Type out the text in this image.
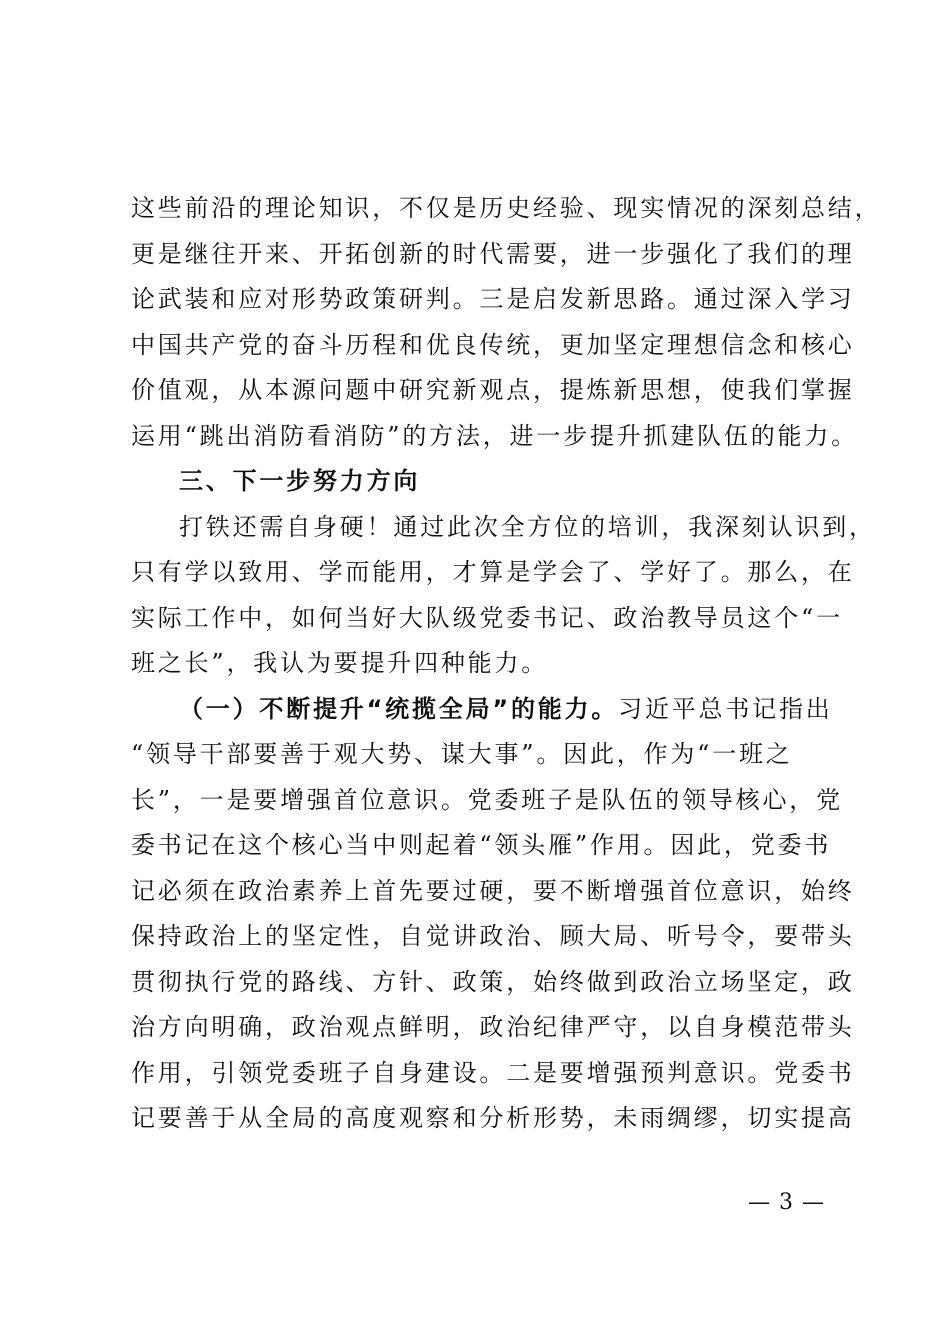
这些前沿的理论知识，不仅是历史经验、现实情况的深刻总结，
更是继往开来、开拓创新的时代需要，进一步强化了我们的理
论武装和应对形势政策研判。三是启发新思路。通过深入学习
中国共产党的奋斗历程和优良传统，更加坚定理想信念和核心
价值观，从本源问题中研究新观点，提炼新思想，使我们掌握
运用“跳出消防看消防”的方法，进一步提升抓建队伍的能力。
三、下一步努力方向
打铁还需自身硬！通过此次全方位的培训，我深刻认识到，
只有学以致用、学而能用，才算是学会了、学好了。那么，在
实际工作中，如何当好大队级党委书记、政治教导员这个“一
班之长”，我认为要提升四种能力。
（一）不断提升“统揽全局”的能力。习近平总书记指出
“领导干部要善于观大势、谋大事”。因此，作为“一班之
长”，一是要增强首位意识。党委班子是队伍的领导核心，党
委书记在这个核心当中则起着“领头雁”作用。因此，党委书
记必须在政治素养上首先要过硬，要不断增强首位意识，始终
保持政治上的坚定性，自觉讲政治、顾大局、听号令，要带头
贯彻执行党的路线、方针、政策，始终做到政治立场坚定，政
治方向明确，政治观点鲜明，政治纪律严守，以自身模范带头
作用，引领党委班子自身建设。二是要增强预判意识。党委书
记要善于从全局的高度观察和分析形势，未雨绸缪，切实提高
— 3 —
